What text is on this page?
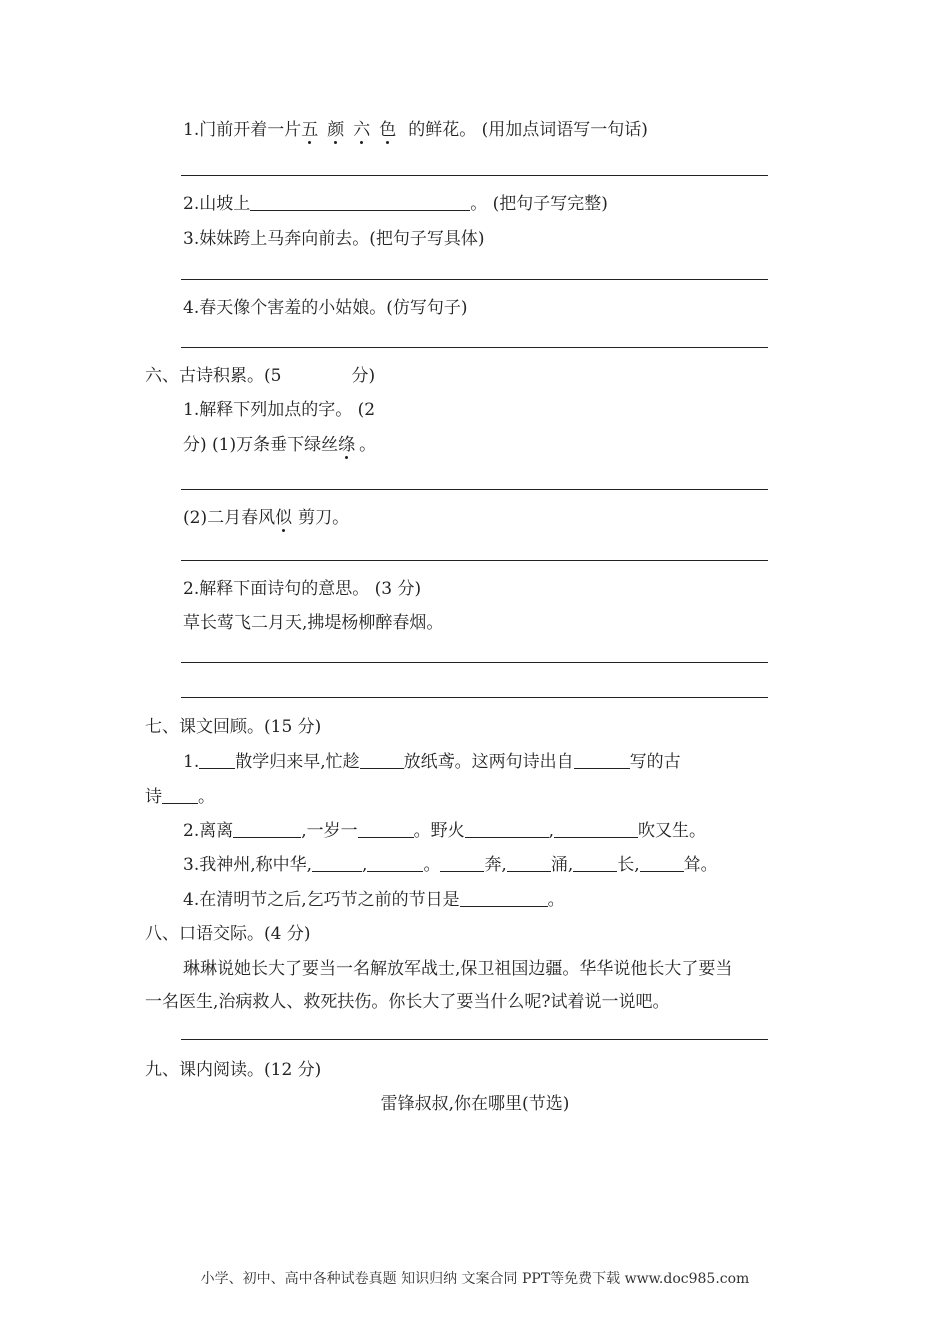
1.门前开着一片五 颜 六 色 的鲜花。 (用加点词语写一句话)
2.山坡上	。 (把句子写完整)
3.妹妹跨上马奔向前去。(把句子写具体)
4.春天像个害羞的小姑娘。(仿写句子)
六、古诗积累。(5	分)
1.解释下列加点的字。 (2
分) (1)万条垂下绿丝绦 。
(2)二月春风似 剪刀。
2.解释下面诗句的意思。 (3 分)
草长莺飞二月天,拂堤杨柳醉春烟。
七、课文回顾。(15 分)
1. 散学归来早,忙趁	放纸鸢。这两句诗出自	写的古
诗 。
2.离离	,一岁一	。野火	,	吹又生。
3.我神州,称中华,	,	。	奔,	涌,	长,	耸。
4.在清明节之后,乞巧节之前的节日是	。
八、口语交际。(4 分)
琳琳说她长大了要当一名解放军战士,保卫祖国边疆。华华说他长大了要当
一名医生,治病救人、救死扶伤。你长大了要当什么呢?试着说一说吧。
九、课内阅读。(12 分)
雷锋叔叔,你在哪里(节选)
小学、初中、高中各种试卷真题 知识归纳 文案合同 PPT等免费下载 www.doc985.com
